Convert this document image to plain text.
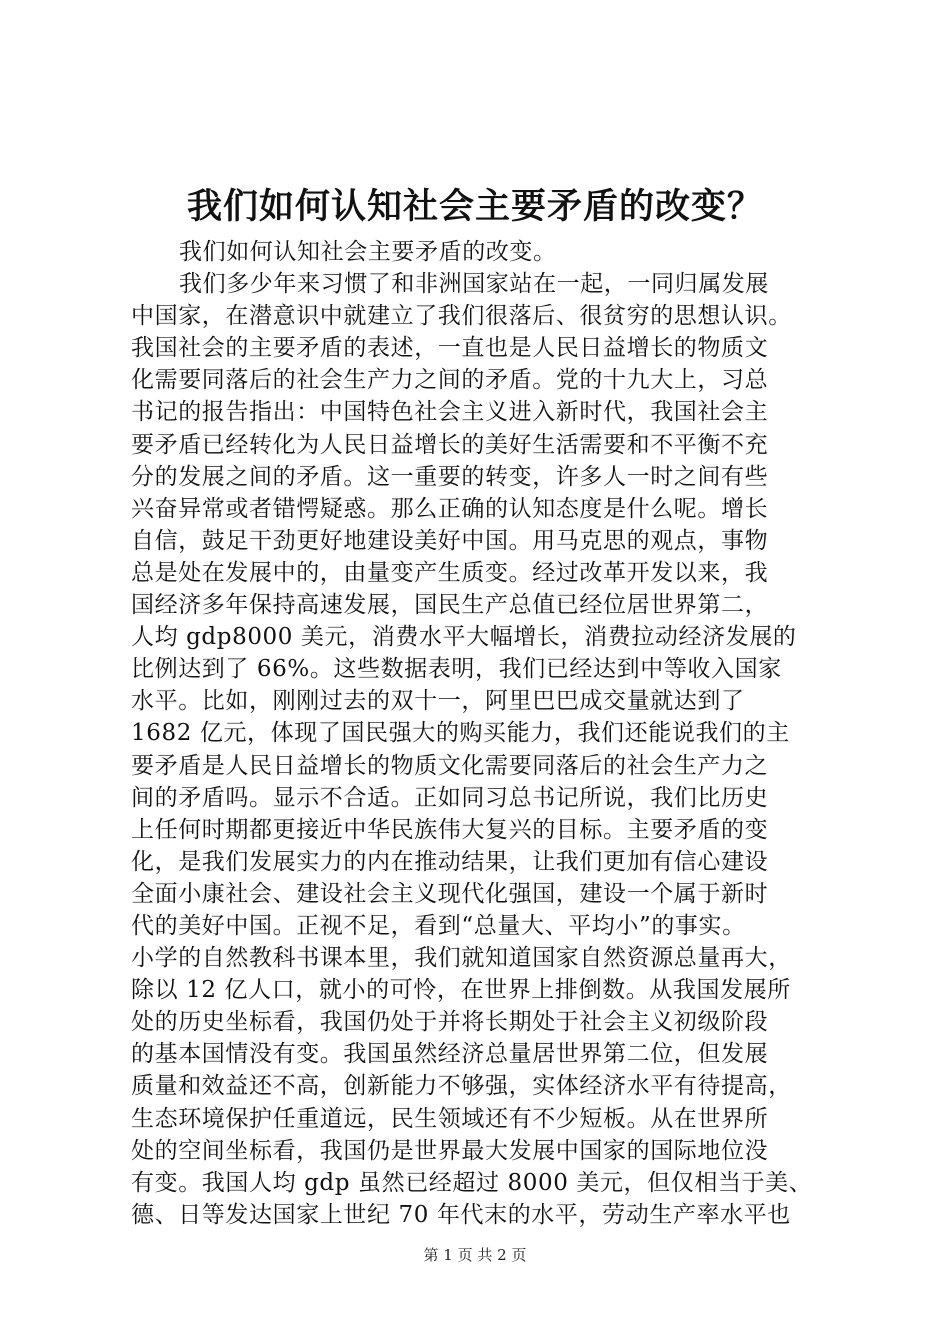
我们如何认知社会主要矛盾的改变？
我们如何认知社会主要矛盾的改变。
我们多少年来习惯了和非洲国家站在一起，一同归属发展
中国家，在潜意识中就建立了我们很落后、很贫穷的思想认识。
我国社会的主要矛盾的表述，一直也是人民日益增长的物质文
化需要同落后的社会生产力之间的矛盾。党的十九大上，习总
书记的报告指出：中国特色社会主义进入新时代，我国社会主
要矛盾已经转化为人民日益增长的美好生活需要和不平衡不充
分的发展之间的矛盾。这一重要的转变，许多人一时之间有些
兴奋异常或者错愕疑惑。那么正确的认知态度是什么呢。增长
自信，鼓足干劲更好地建设美好中国。用马克思的观点，事物
总是处在发展中的，由量变产生质变。经过改革开发以来，我
国经济多年保持高速发展，国民生产总值已经位居世界第二，
人均 gdp8000 美元，消费水平大幅增长，消费拉动经济发展的
比例达到了 66%。这些数据表明，我们已经达到中等收入国家
水平。比如，刚刚过去的双十一，阿里巴巴成交量就达到了
1682 亿元，体现了国民强大的购买能力，我们还能说我们的主
要矛盾是人民日益增长的物质文化需要同落后的社会生产力之
间的矛盾吗。显示不合适。正如同习总书记所说，我们比历史
上任何时期都更接近中华民族伟大复兴的目标。主要矛盾的变
化，是我们发展实力的内在推动结果，让我们更加有信心建设
全面小康社会、建设社会主义现代化强国，建设一个属于新时
代的美好中国。正视不足，看到“总量大、平均小”的事实。
小学的自然教科书课本里，我们就知道国家自然资源总量再大，
除以 12 亿人口，就小的可怜，在世界上排倒数。从我国发展所
处的历史坐标看，我国仍处于并将长期处于社会主义初级阶段
的基本国情没有变。我国虽然经济总量居世界第二位，但发展
质量和效益还不高，创新能力不够强，实体经济水平有待提高，
生态环境保护任重道远，民生领域还有不少短板。从在世界所
处的空间坐标看，我国仍是世界最大发展中国家的国际地位没
有变。我国人均 gdp 虽然已经超过 8000 美元，但仅相当于美、
德、日等发达国家上世纪 70 年代末的水平，劳动生产率水平也
第 1 页 共 2 页
